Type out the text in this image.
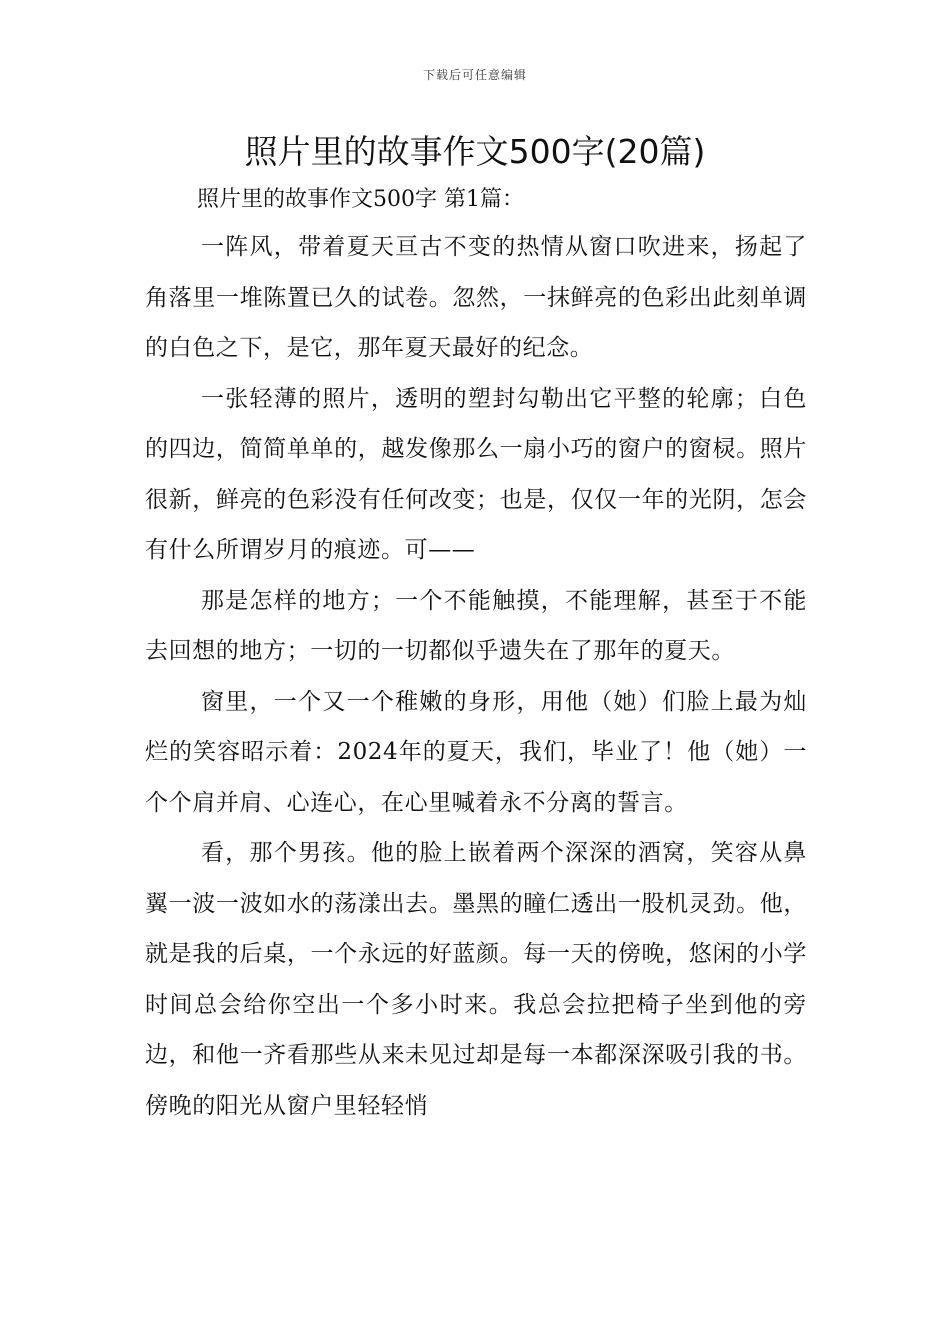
下载后可任意编辑
照片里的故事作文500字(20篇)

照片里的故事作文500字 第1篇：

一阵风，带着夏天亘古不变的热情从窗口吹进来，扬起了角落里一堆陈置已久的试卷。忽然，一抹鲜亮的色彩出此刻单调的白色之下，是它，那年夏天最好的纪念。

一张轻薄的照片，透明的塑封勾勒出它平整的轮廓；白色的四边，简简单单的，越发像那么一扇小巧的窗户的窗棂。照片很新，鲜亮的色彩没有任何改变；也是，仅仅一年的光阴，怎会有什么所谓岁月的痕迹。可——

那是怎样的地方；一个不能触摸，不能理解，甚至于不能去回想的地方；一切的一切都似乎遗失在了那年的夏天。

窗里，一个又一个稚嫩的身形，用他（她）们脸上最为灿烂的笑容昭示着：2024年的夏天，我们，毕业了！他（她）一个个肩并肩、心连心，在心里喊着永不分离的誓言。

看，那个男孩。他的脸上嵌着两个深深的酒窝，笑容从鼻翼一波一波如水的荡漾出去。墨黑的瞳仁透出一股机灵劲。他，就是我的后桌，一个永远的好蓝颜。每一天的傍晚，悠闲的小学时间总会给你空出一个多小时来。我总会拉把椅子坐到他的旁边，和他一齐看那些从来未见过却是每一本都深深吸引我的书。傍晚的阳光从窗户里轻轻悄
